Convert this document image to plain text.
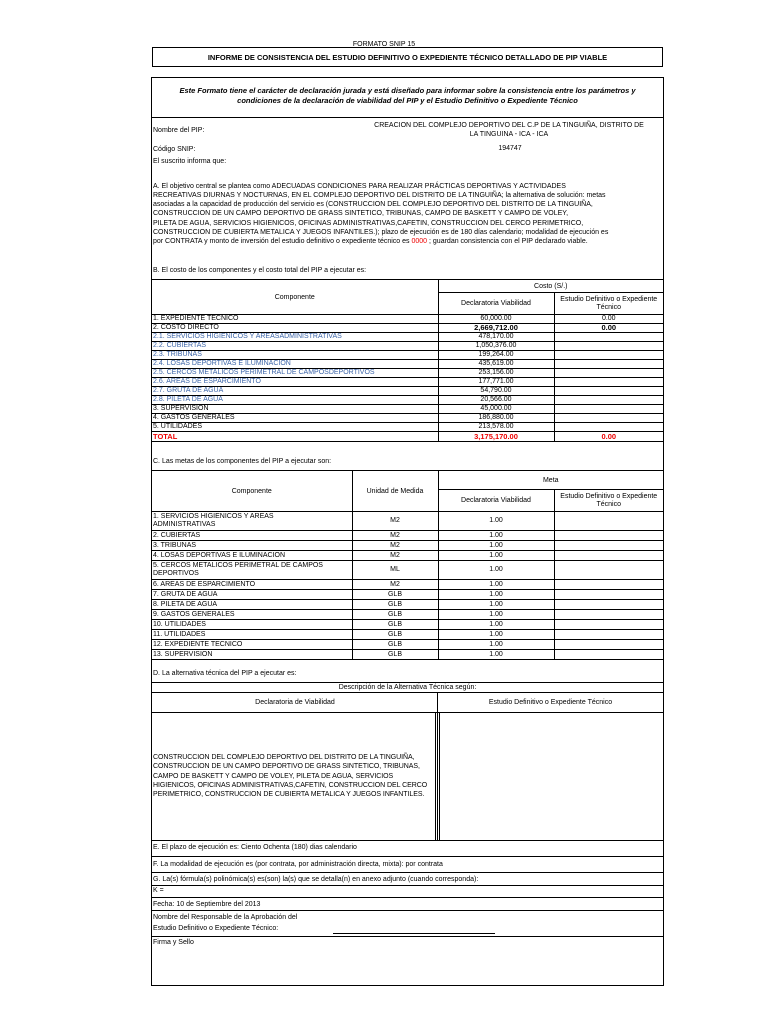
FORMATO SNIP 15
INFORME DE CONSISTENCIA DEL ESTUDIO DEFINITIVO O EXPEDIENTE TÉCNICO DETALLADO DE PIP VIABLE
Este Formato tiene el carácter de declaración jurada y está diseñado para informar sobre la consistencia entre los parámetros y
condiciones de la declaración de viabilidad del PIP y el Estudio Definitivo o Expediente Técnico
Nombre del PIP:
CREACION DEL COMPLEJO DEPORTIVO DEL C.P DE LA TINGUIÑA, DISTRITO DE
LA TINGUINA - ICA - ICA
Código SNIP:	194747
El suscrito informa que:
A. El objetivo central se plantea como ADECUADAS CONDICIONES PARA REALIZAR PRÁCTICAS DEPORTIVAS Y ACTIVIDADES
RECREATIVAS DIURNAS Y NOCTURNAS, EN EL COMPLEJO DEPORTIVO DEL DISTRITO DE LA TINGUIÑA; la alternativa de solución: metas
asociadas a la capacidad de producción del servicio es (CONSTRUCCION DEL COMPLEJO DEPORTIVO DEL DISTRITO DE LA TINGUIÑA,
CONSTRUCCION DE UN CAMPO DEPORTIVO DE GRASS SINTETICO, TRIBUNAS, CAMPO DE BASKETT Y CAMPO DE VOLEY,
PILETA DE AGUA, SERVICIOS HIGIENICOS, OFICINAS ADMINISTRATIVAS,CAFETIN, CONSTRUCCION DEL CERCO PERIMETRICO,
CONSTRUCCION DE CUBIERTA METALICA Y JUEGOS INFANTILES.); plazo de ejecución es de 180 días calendario; modalidad de ejecución es
por CONTRATA y monto de inversión del estudio definitivo o expediente técnico es 0000 ; guardan consistencia con el PIP declarado viable.
B. El costo de los componentes y el costo total del PIP a ejecutar es:
Componente	Costo (S/.)	
	Declaratoria Viabilidad	Estudio Definitivo o Expediente Técnico
1. EXPEDIENTE TECNICO	60,000.00	0.00
2. COSTO DIRECTO	2,669,712.00	0.00
2.1. SERVICIOS HIGIENICOS Y AREASADMINISTRATIVAS	478,170.00	
2.2. CUBIERTAS	1,050,376.00	
2.3. TRIBUNAS	199,264.00	
2.4. LOSAS DEPORTIVAS E ILUMINACION	435,619.00	
2.5. CERCOS METALICOS PERIMETRAL DE CAMPOSDEPORTIVOS	253,156.00	
2.6. AREAS DE ESPARCIMIENTO	177,771.00	
2.7. GRUTA DE AGUA	54,790.00	
2.8. PILETA DE AGUA	20,566.00	
3. SUPERVISION	45,000.00	
4. GASTOS GENERALES	186,880.00	
5. UTILIDADES	213,578.00	
TOTAL	3,175,170.00	0.00
C. Las metas de los componentes del PIP a ejecutar son:
Componente	Unidad de Medida	Meta	
		Declaratoria Viabilidad	Estudio Definitivo o Expediente Técnico

1. SERVICIOS HIGIENICOS Y AREAS
ADMINISTRATIVAS	M2	1.00	

2. CUBIERTAS	M2	1.00	

3. TRIBUNAS	M2	1.00	

4. LOSAS DEPORTIVAS E ILUMINACION	M2	1.00	

5. CERCOS METALICOS PERIMETRAL DE CAMPOS
DEPORTIVOS	ML	1.00	

6. AREAS DE ESPARCIMIENTO	M2	1.00	

7. GRUTA DE AGUA	GLB	1.00	

8. PILETA DE AGUA	GLB	1.00	

9. GASTOS GENERALES	GLB	1.00	

10. UTILIDADES	GLB	1.00	

11. UTILIDADES	GLB	1.00	

12. EXPEDIENTE TECNICO	GLB	1.00	

13. SUPERVISION	GLB	1.00	
D. La alternativa técnica del PIP a ejecutar es:
Descripción de la Alternativa Técnica según:
Declaratoria de Viabilidad	Estudio Definitivo o Expediente Técnico
CONSTRUCCION DEL COMPLEJO DEPORTIVO DEL DISTRITO DE LA TINGUIÑA,
CONSTRUCCION DE UN CAMPO DEPORTIVO DE GRASS SINTETICO, TRIBUNAS,
CAMPO DE BASKETT Y CAMPO DE VOLEY, PILETA DE AGUA, SERVICIOS
HIGIENICOS, OFICINAS ADMINISTRATIVAS,CAFETIN, CONSTRUCCION DEL CERCO
PERIMETRICO, CONSTRUCCION DE CUBIERTA METALICA Y JUEGOS INFANTILES.
E. El plazo de ejecución es: Ciento Ochenta (180) dias calendario
F. La modalidad de ejecución es (por contrata, por administración directa, mixta): por contrata
G. La(s) fórmula(s) polinómica(s) es(son) la(s) que se detalla(n) en anexo adjunto (cuando corresponda):
K =
Fecha: 10 de Septiembre del 2013
Nombre del Responsable de la Aprobación del
Estudio Definitivo o Expediente Técnico:
Firma y Sello
